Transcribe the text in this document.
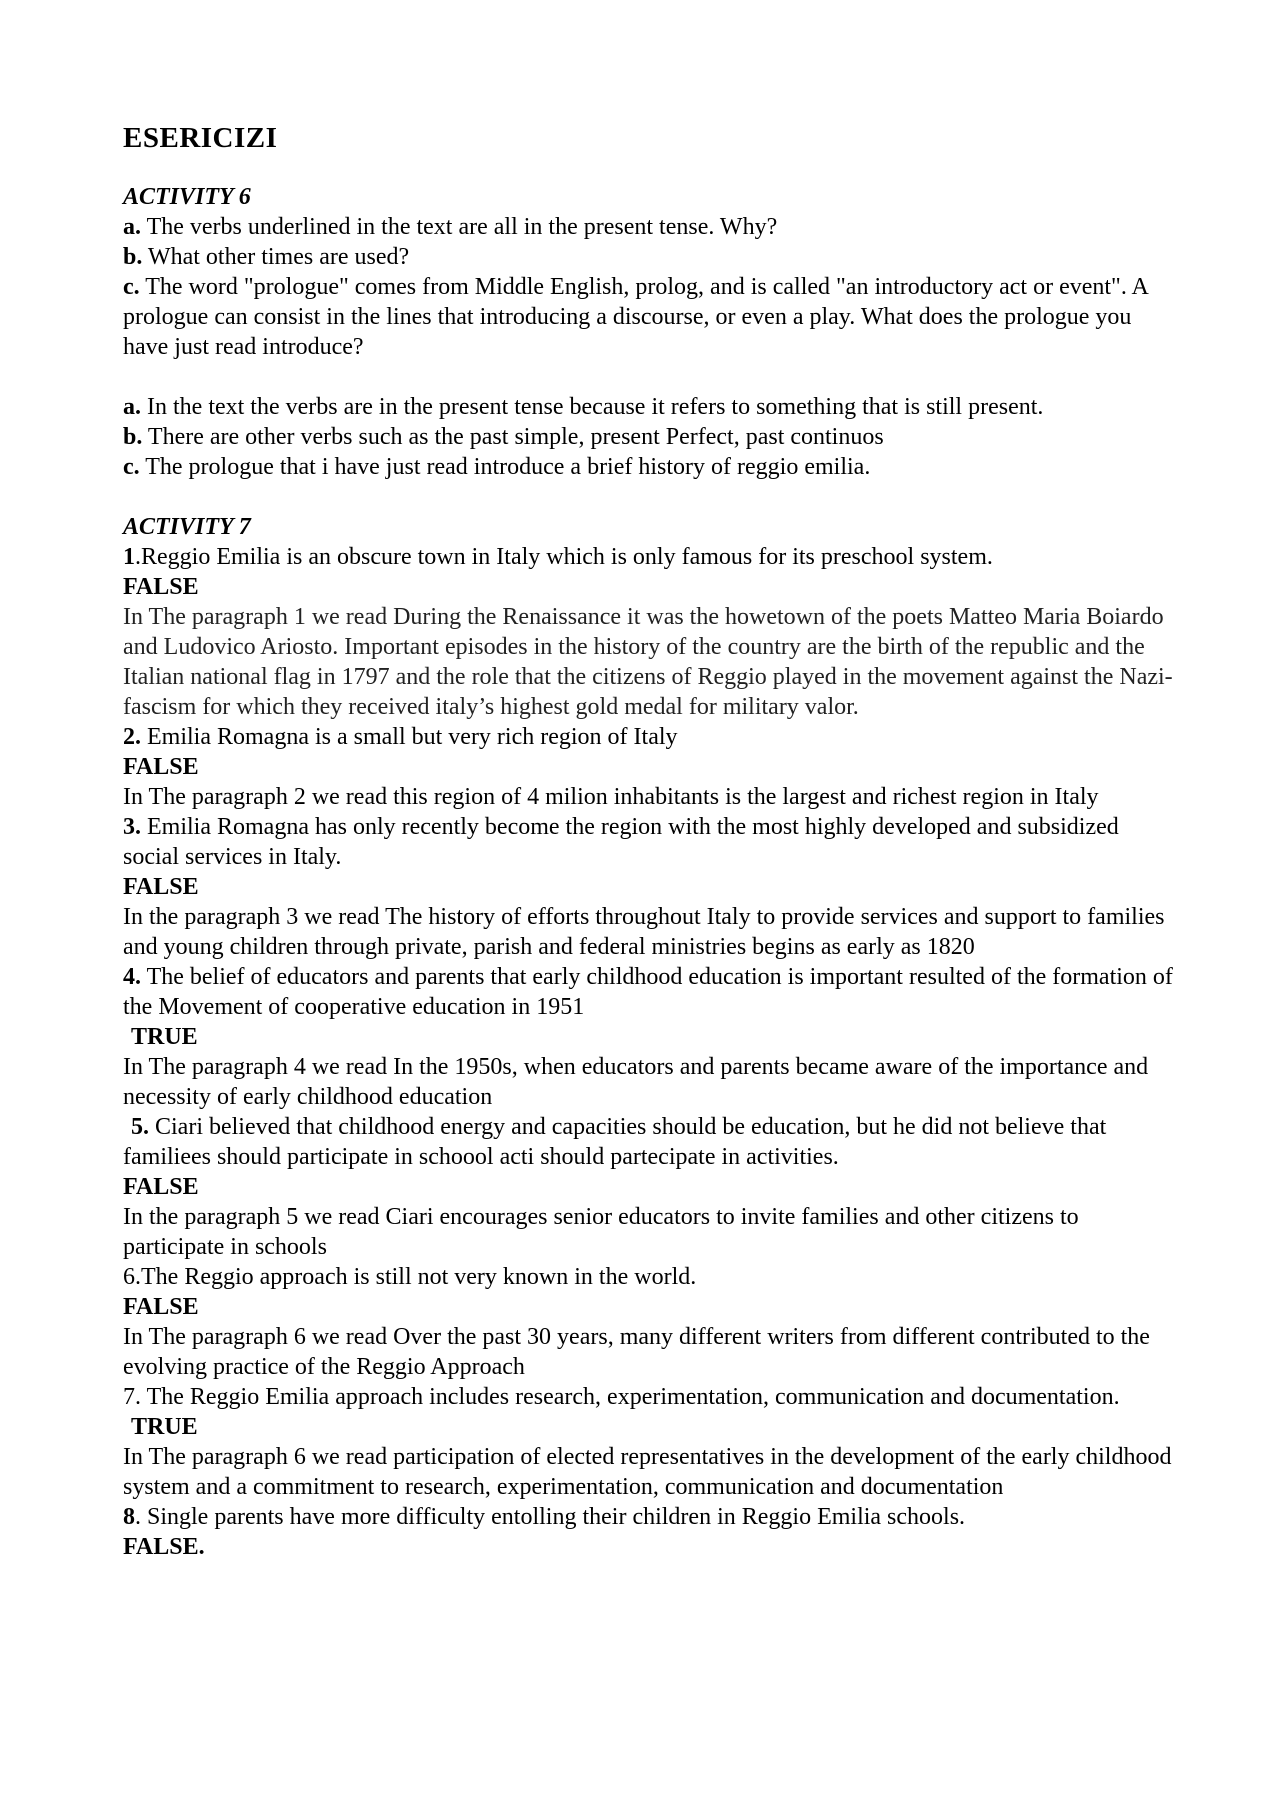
ESERICIZI
ACTIVITY 6

a. The verbs underlined in the text are all in the present tense. Why?

b. What other times are used?

c. The word "prologue" comes from Middle English, prolog, and is called "an introductory act or event". A prologue can consist in the lines that introducing a discourse, or even a play. What does the prologue you have just read introduce?

a. In the text the verbs are in the present tense because it refers to something that is still present.

b. There are other verbs such as the past simple, present Perfect, past continuos

c. The prologue that i have just read introduce a brief history of reggio emilia.

ACTIVITY 7

1.Reggio Emilia is an obscure town in Italy which is only famous for its preschool system.

FALSE

In The paragraph 1 we read During the Renaissance it was the howetown of the poets Matteo Maria Boiardo and Ludovico Ariosto. Important episodes in the history of the country are the birth of the republic and the Italian national flag in 1797 and the role that the citizens of Reggio played in the movement against the Nazi-fascism for which they received italy’s highest gold medal for military valor.

2. Emilia Romagna is a small but very rich region of Italy

FALSE

In The paragraph 2 we read this region of 4 milion inhabitants is the largest and richest region in Italy

3. Emilia Romagna has only recently become the region with the most highly developed and subsidized social services in Italy.

FALSE

In the paragraph 3 we read The history of efforts throughout Italy to provide services and support to families and young children through private, parish and federal ministries begins as early as 1820

4. The belief of educators and parents that early childhood education is important resulted of the formation of the Movement of cooperative education in 1951

TRUE

In The paragraph 4 we read In the 1950s, when educators and parents became aware of the importance and necessity of early childhood education

5. Ciari believed that childhood energy and capacities should be education, but he did not believe that familiees should participate in schoool acti should partecipate in activities.

FALSE

In the paragraph 5 we read Ciari encourages senior educators to invite families and other citizens to participate in schools

6.The Reggio approach is still not very known in the world.

FALSE

In The paragraph 6 we read Over the past 30 years, many different writers from different contributed to the evolving practice of the Reggio Approach

7. The Reggio Emilia approach includes research, experimentation, communication and documentation.

TRUE

In The paragraph 6 we read participation of elected representatives in the development of the early childhood system and a commitment to research, experimentation, communication and documentation

8. Single parents have more difficulty entolling their children in Reggio Emilia schools.

FALSE.
